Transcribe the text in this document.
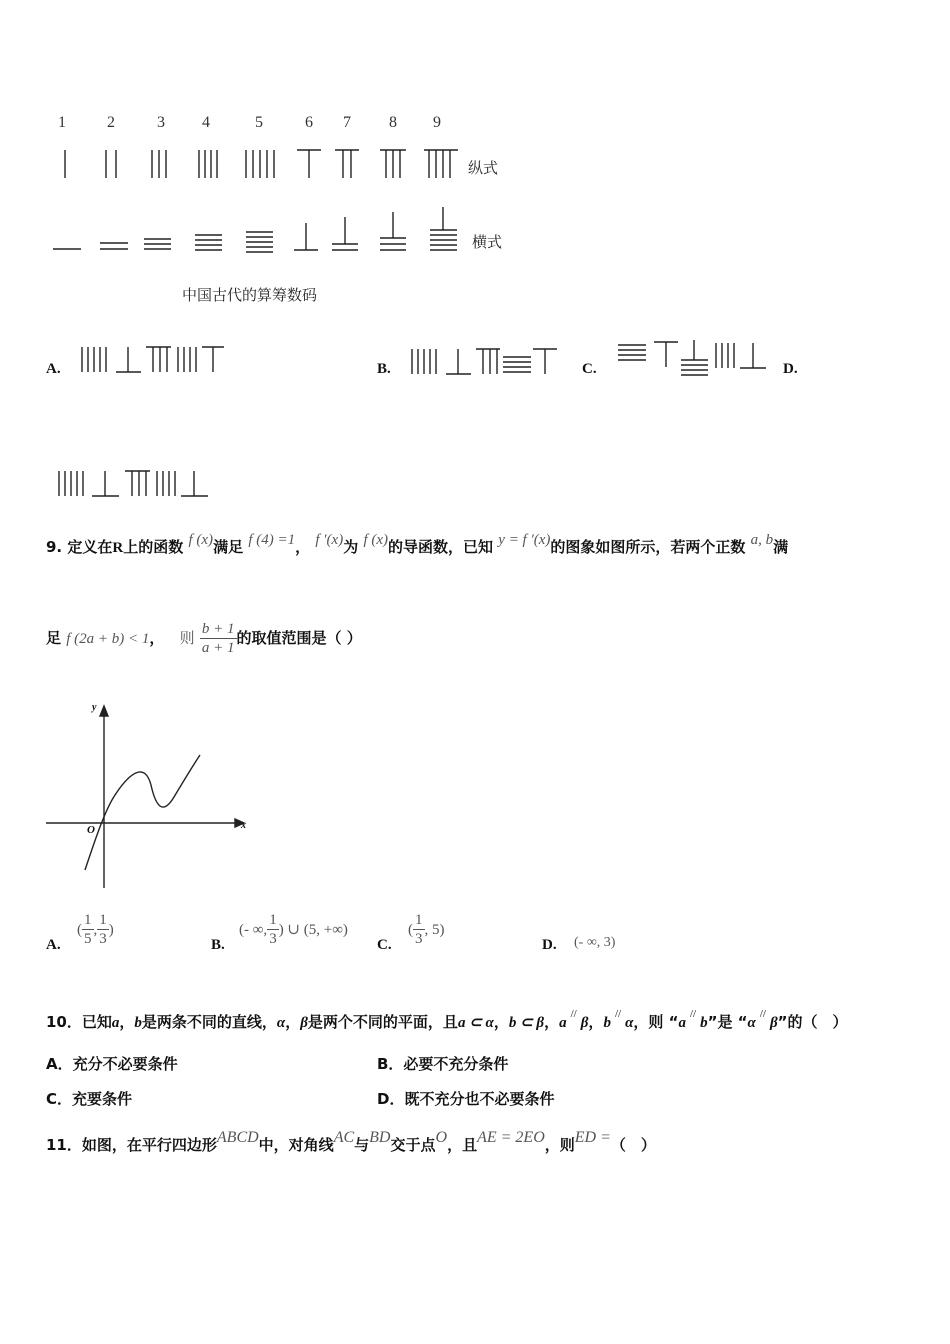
1	2	3 4	5	6 7 8 9
纵式
横式
中国古代的算筹数码
A.	B.	C.	D.
9. 定义在R上的函数 f (x)满足 f (4) =1， f ′(x)为 f (x)的导函数，已知 y = f ′(x)的图象如图所示，若两个正数 a, b满
足 f (2a + b) < 1， 则 $\frac{b + 1}{a + 1}$ 的取值范围是（ ）
y
x
O
A.
( $\frac{1}{5}$ , $\frac{1}{3}$ )
B.
(- ∞, $\frac{1}{3}$ ) ∪ (5, +∞)
C.
( $\frac{1}{3}$ , 5)
D. (- ∞, 3)
10．已知a，b是两条不同的直线，α，β是两个不同的平面，且a ⊂ α，b ⊂ β，a//β，b//α，则 “a//b”是 “α//β”的（　）
A．充分不必要条件	B．必要不充分条件
C．充要条件	D．既不充分也不必要条件
11．如图，在平行四边形ABCD中，对角线AC与BD交于点O，且AE = 2EO，则ED =（　）
